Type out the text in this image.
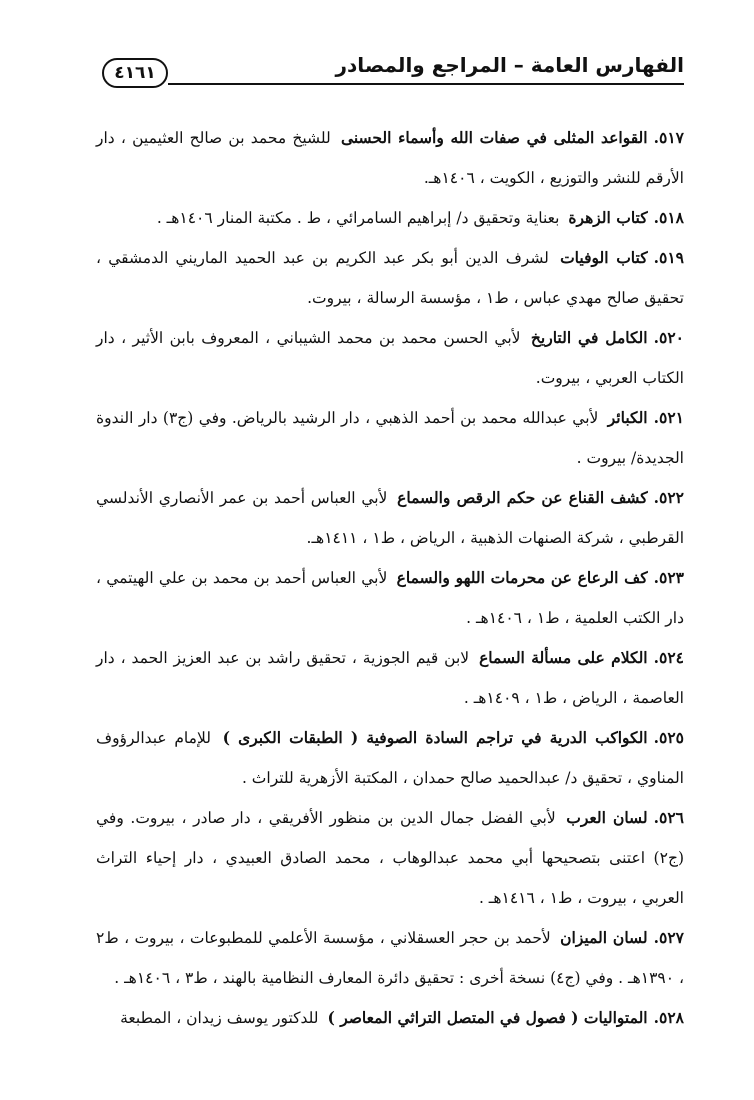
الفهارس العامة – المراجع والمصادر
٤١٦١

٥١٧.القواعد المثلى في صفات الله وأسماء الحسنى للشيخ محمد بن صالح العثيمين ، دار الأرقم للنشر والتوزيع ، الكويت ، ١٤٠٦هـ.

٥١٨.كتاب الزهرة بعناية وتحقيق د/ إبراهيم السامرائي ، ط . مكتبة المنار ١٤٠٦هـ .

٥١٩.كتاب الوفيات لشرف الدين أبو بكر عبد الكريم بن عبد الحميد الماريني الدمشقي ، تحقيق صالح مهدي عباس ، ط١ ، مؤسسة الرسالة ، بيروت.

٥٢٠.الكامل في التاريخ لأبي الحسن محمد بن محمد الشيباني ، المعروف بابن الأثير ، دار الكتاب العربي ، بيروت.

٥٢١.الكبائر لأبي عبدالله محمد بن أحمد الذهبي ، دار الرشيد بالرياض. وفي (ج٣) دار الندوة الجديدة/ بيروت .

٥٢٢.كشف القناع عن حكم الرقص والسماع لأبي العباس أحمد بن عمر الأنصاري الأندلسي القرطبي ، شركة الصنهات الذهبية ، الرياض ، ط١ ، ١٤١١هـ.

٥٢٣.كف الرعاع عن محرمات اللهو والسماع لأبي العباس أحمد بن محمد بن علي الهيتمي ، دار الكتب العلمية ، ط١ ، ١٤٠٦هـ .

٥٢٤.الكلام على مسألة السماع لابن قيم الجوزية ، تحقيق راشد بن عبد العزيز الحمد ، دار العاصمة ، الرياض ، ط١ ، ١٤٠٩هـ .

٥٢٥.الكواكب الدرية في تراجم السادة الصوفية ( الطبقات الكبرى ) للإمام عبدالرؤوف المناوي ، تحقيق د/ عبدالحميد صالح حمدان ، المكتبة الأزهرية للتراث .

٥٢٦.لسان العرب لأبي الفضل جمال الدين بن منظور الأفريقي ، دار صادر ، بيروت. وفي (ج٢) اعتنى بتصحيحها أبي محمد عبدالوهاب ، محمد الصادق العبيدي ، دار إحياء التراث العربي ، بيروت ، ط١ ، ١٤١٦هـ .

٥٢٧.لسان الميزان لأحمد بن حجر العسقلاني ، مؤسسة الأعلمي للمطبوعات ، بيروت ، ط٢ ، ١٣٩٠هـ . وفي (ج٤) نسخة أخرى : تحقيق دائرة المعارف النظامية بالهند ، ط٣ ، ١٤٠٦هـ .

٥٢٨.المتواليات ( فصول في المتصل التراثي المعاصر ) للدكتور يوسف زيدان ، المطبعة
